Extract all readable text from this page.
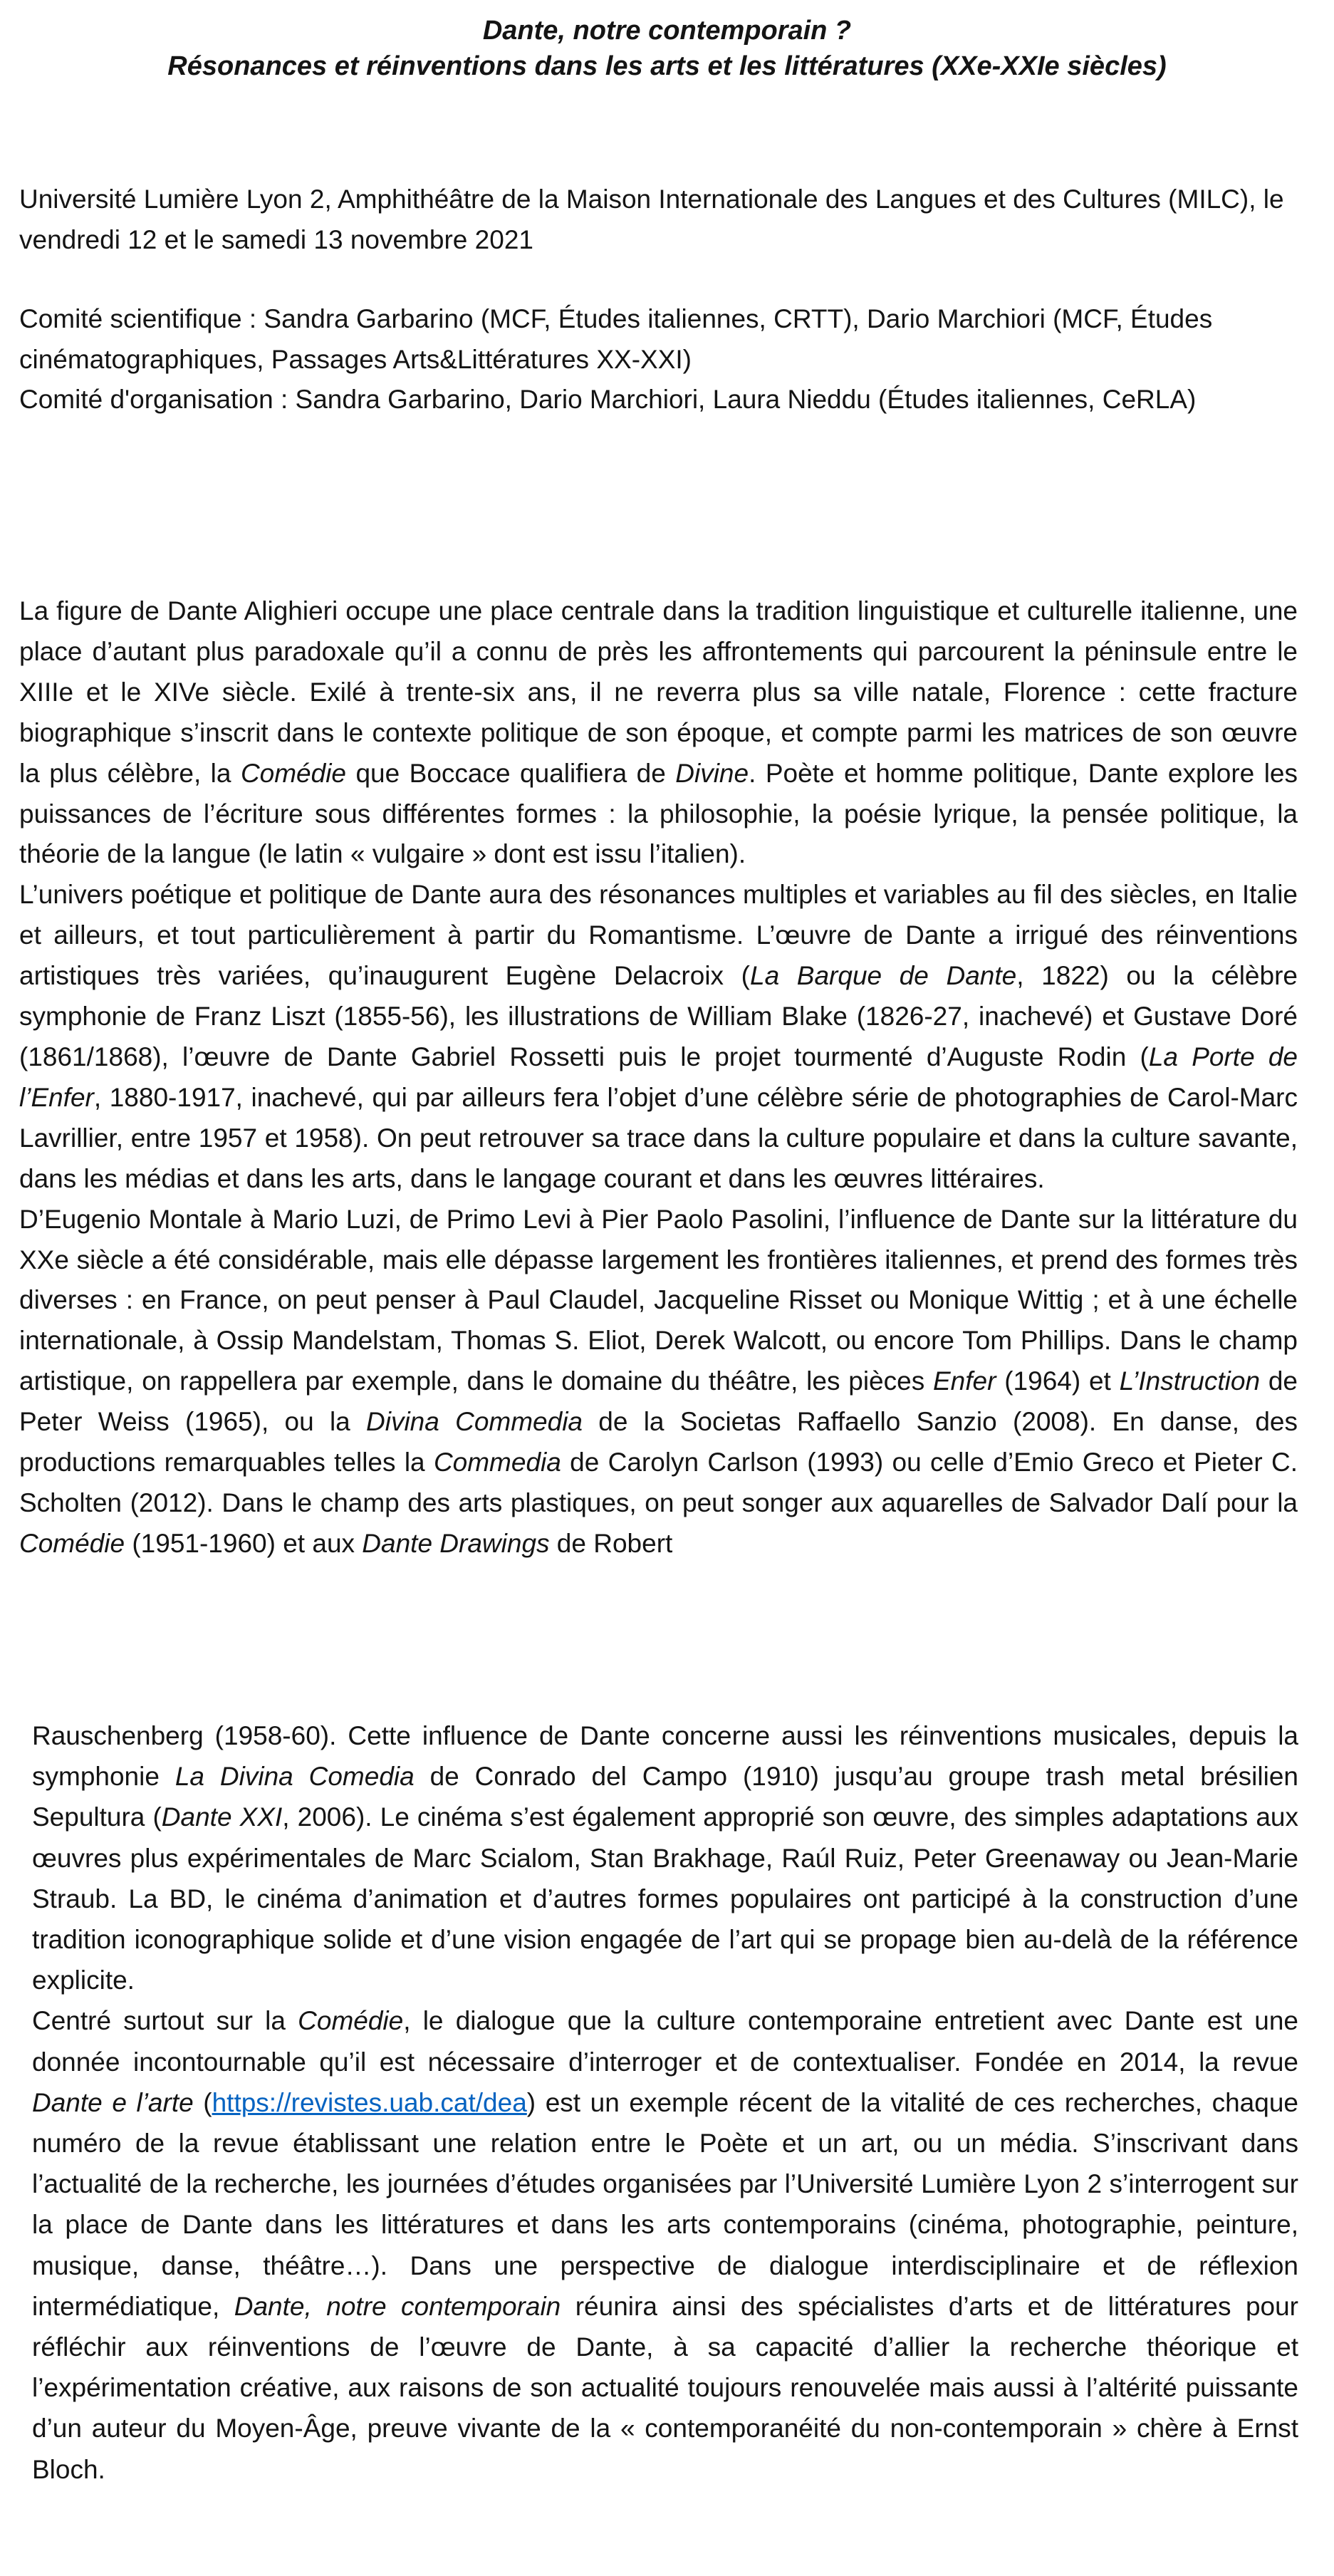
Dante, notre contemporain ?
Résonances et réinventions dans les arts et les littératures (XXe-XXIe siècles)

Université Lumière Lyon 2, Amphithéâtre de la Maison Internationale des Langues et des Cultures (MILC), le vendredi 12 et le samedi 13 novembre 2021

Comité scientifique : Sandra Garbarino (MCF, Études italiennes, CRTT), Dario Marchiori (MCF, Études cinématographiques, Passages Arts&Littératures XX-XXI)

Comité d'organisation : Sandra Garbarino, Dario Marchiori, Laura Nieddu (Études italiennes, CeRLA)

La figure de Dante Alighieri occupe une place centrale dans la tradition linguistique et culturelle italienne, une place d’autant plus paradoxale qu’il a connu de près les affrontements qui parcourent la péninsule entre le XIIIe et le XIVe siècle. Exilé à trente-six ans, il ne reverra plus sa ville natale, Florence : cette fracture biographique s’inscrit dans le contexte politique de son époque, et compte parmi les matrices de son œuvre la plus célèbre, la Comédie que Boccace qualifiera de Divine. Poète et homme politique, Dante explore les puissances de l’écriture sous différentes formes : la philosophie, la poésie lyrique, la pensée politique, la théorie de la langue (le latin « vulgaire » dont est issu l’italien).

L’univers poétique et politique de Dante aura des résonances multiples et variables au fil des siècles, en Italie et ailleurs, et tout particulièrement à partir du Romantisme. L’œuvre de Dante a irrigué des réinventions artistiques très variées, qu’inaugurent Eugène Delacroix (La Barque de Dante, 1822) ou la célèbre symphonie de Franz Liszt (1855-56), les illustrations de William Blake (1826-27, inachevé) et Gustave Doré (1861/1868), l’œuvre de Dante Gabriel Rossetti puis le projet tourmenté d’Auguste Rodin (La Porte de l’Enfer, 1880-1917, inachevé, qui par ailleurs fera l’objet d’une célèbre série de photographies de Carol-Marc Lavrillier, entre 1957 et 1958). On peut retrouver sa trace dans la culture populaire et dans la culture savante, dans les médias et dans les arts, dans le langage courant et dans les œuvres littéraires.

D’Eugenio Montale à Mario Luzi, de Primo Levi à Pier Paolo Pasolini, l’influence de Dante sur la littérature du XXe siècle a été considérable, mais elle dépasse largement les frontières italiennes, et prend des formes très diverses : en France, on peut penser à Paul Claudel, Jacqueline Risset ou Monique Wittig ; et à une échelle internationale, à Ossip Mandelstam, Thomas S. Eliot, Derek Walcott, ou encore Tom Phillips. Dans le champ artistique, on rappellera par exemple, dans le domaine du théâtre, les pièces Enfer (1964) et L’Instruction de Peter Weiss (1965), ou la Divina Commedia de la Societas Raffaello Sanzio (2008). En danse, des productions remarquables telles la Commedia de Carolyn Carlson (1993) ou celle d’Emio Greco et Pieter C. Scholten (2012). Dans le champ des arts plastiques, on peut songer aux aquarelles de Salvador Dalí pour la Comédie (1951-1960) et aux Dante Drawings de Robert

Rauschenberg (1958-60). Cette influence de Dante concerne aussi les réinventions musicales, depuis la symphonie La Divina Comedia de Conrado del Campo (1910) jusqu’au groupe trash metal brésilien Sepultura (Dante XXI, 2006). Le cinéma s’est également approprié son œuvre, des simples adaptations aux œuvres plus expérimentales de Marc Scialom, Stan Brakhage, Raúl Ruiz, Peter Greenaway ou Jean-Marie Straub. La BD, le cinéma d’animation et d’autres formes populaires ont participé à la construction d’une tradition iconographique solide et d’une vision engagée de l’art qui se propage bien au-delà de la référence explicite.

Centré surtout sur la Comédie, le dialogue que la culture contemporaine entretient avec Dante est une donnée incontournable qu’il est nécessaire d’interroger et de contextualiser. Fondée en 2014, la revue Dante e l’arte (https://revistes.uab.cat/dea) est un exemple récent de la vitalité de ces recherches, chaque numéro de la revue établissant une relation entre le Poète et un art, ou un média. S’inscrivant dans l’actualité de la recherche, les journées d’études organisées par l’Université Lumière Lyon 2 s’interrogent sur la place de Dante dans les littératures et dans les arts contemporains (cinéma, photographie, peinture, musique, danse, théâtre…). Dans une perspective de dialogue interdisciplinaire et de réflexion intermédiatique, Dante, notre contemporain réunira ainsi des spécialistes d’arts et de littératures pour réfléchir aux réinventions de l’œuvre de Dante, à sa capacité d’allier la recherche théorique et l’expérimentation créative, aux raisons de son actualité toujours renouvelée mais aussi à l’altérité puissante d’un auteur du Moyen-Âge, preuve vivante de la « contemporanéité du non-contemporain » chère à Ernst Bloch.
